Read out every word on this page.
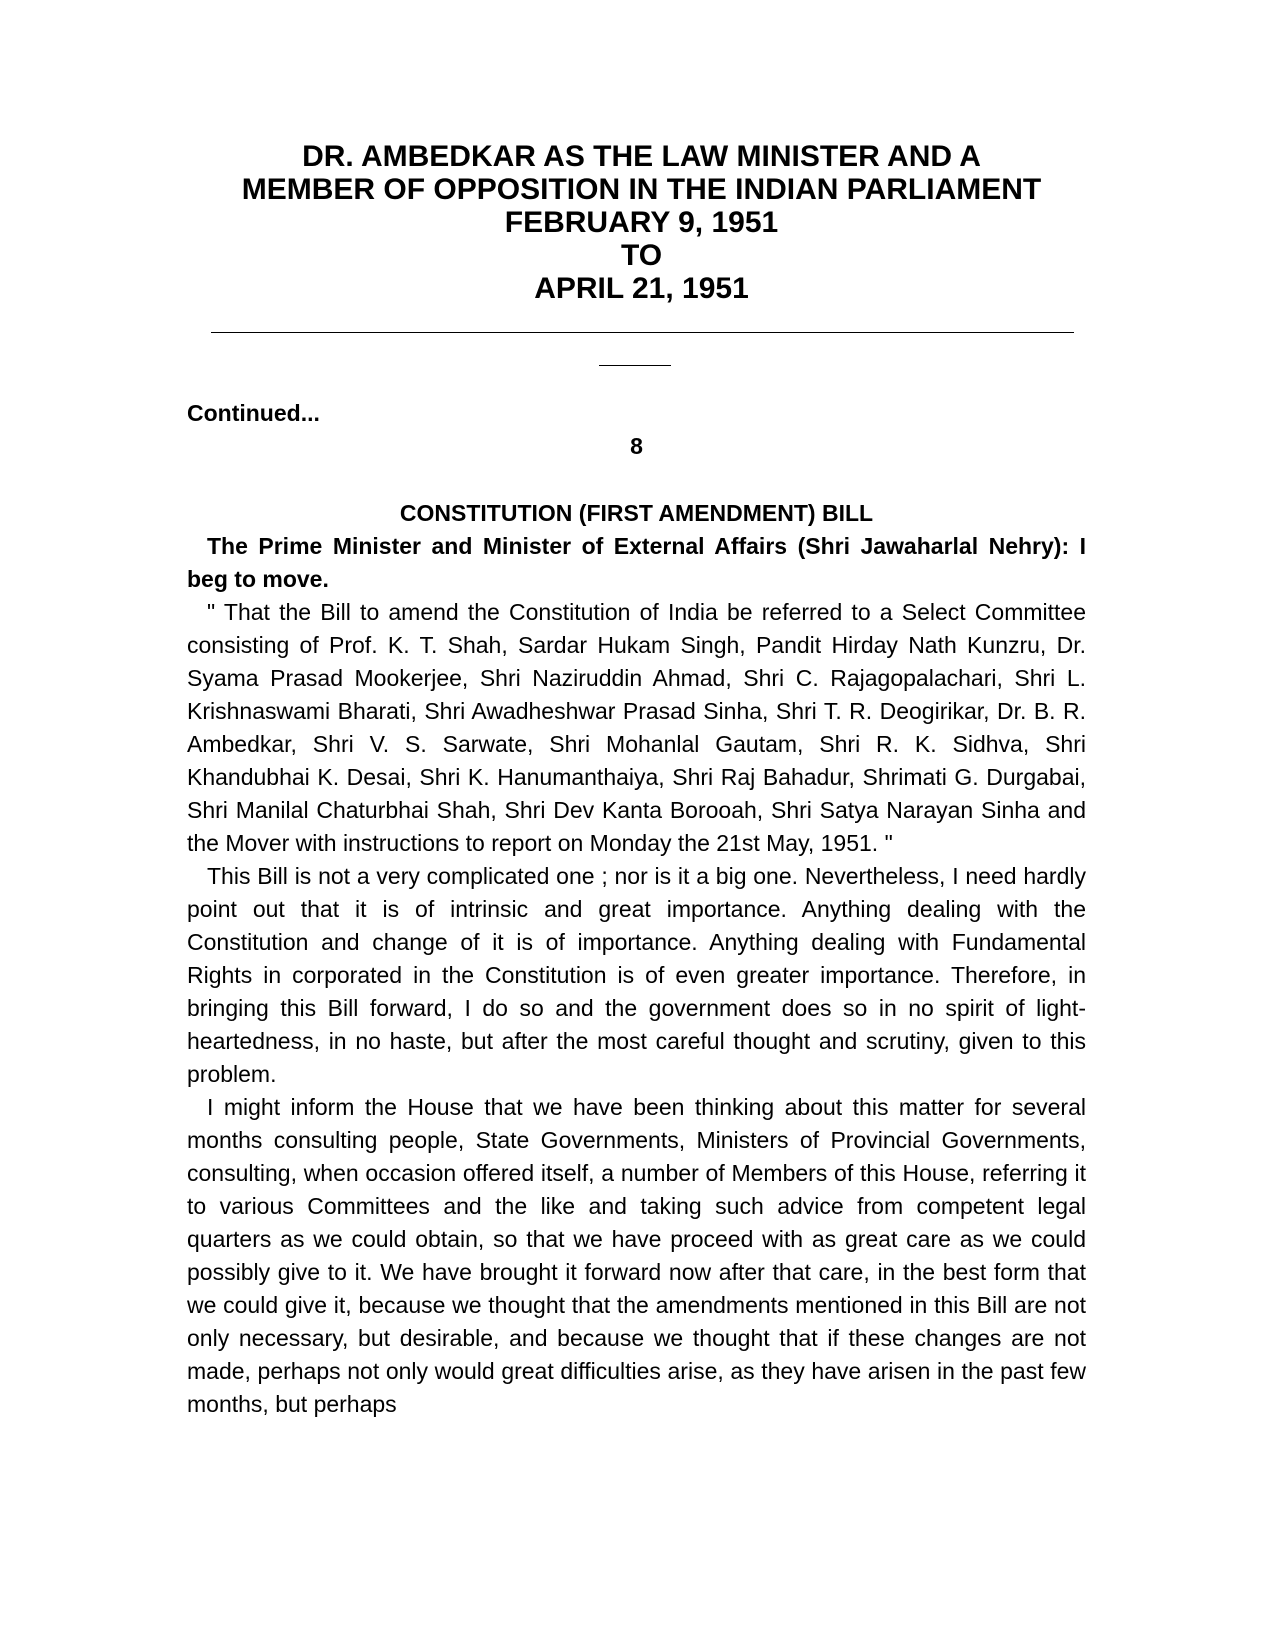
DR. AMBEDKAR AS THE LAW MINISTER AND A
MEMBER OF OPPOSITION IN THE INDIAN PARLIAMENT
FEBRUARY 9, 1951
TO
APRIL 21, 1951
Continued...
8
CONSTITUTION (FIRST AMENDMENT) BILL

The Prime Minister and Minister of External Affairs (Shri Jawaharlal Nehry): I beg to move.

" That the Bill to amend the Constitution of India be referred to a Select Committee consisting of Prof. K. T. Shah, Sardar Hukam Singh, Pandit Hirday Nath Kunzru, Dr. Syama Prasad Mookerjee, Shri Naziruddin Ahmad, Shri C. Rajagopalachari, Shri L. Krishnaswami Bharati, Shri Awadheshwar Prasad Sinha, Shri T. R. Deogirikar, Dr. B. R. Ambedkar, Shri V. S. Sarwate, Shri Mohanlal Gautam, Shri R. K. Sidhva, Shri Khandubhai K. Desai, Shri K. Hanumanthaiya, Shri Raj Bahadur, Shrimati G. Durgabai, Shri Manilal Chaturbhai Shah, Shri Dev Kanta Borooah, Shri Satya Narayan Sinha and the Mover with instructions to report on Monday the 21st May, 1951. "

This Bill is not a very complicated one ; nor is it a big one. Nevertheless, I need hardly point out that it is of intrinsic and great importance. Anything dealing with the Constitution and change of it is of importance. Anything dealing with Fundamental Rights in corporated in the Constitution is of even greater importance. Therefore, in bringing this Bill forward, I do so and the government does so in no spirit of light-heartedness, in no haste, but after the most careful thought and scrutiny, given to this problem.

I might inform the House that we have been thinking about this matter for several months consulting people, State Governments, Ministers of Provincial Governments, consulting, when occasion offered itself, a number of Members of this House, referring it to various Committees and the like and taking such advice from competent legal quarters as we could obtain, so that we have proceed with as great care as we could possibly give to it. We have brought it forward now after that care, in the best form that we could give it, because we thought that the amendments mentioned in this Bill are not only necessary, but desirable, and because we thought that if these changes are not made, perhaps not only would great difficulties arise, as they have arisen in the past few months, but perhaps
